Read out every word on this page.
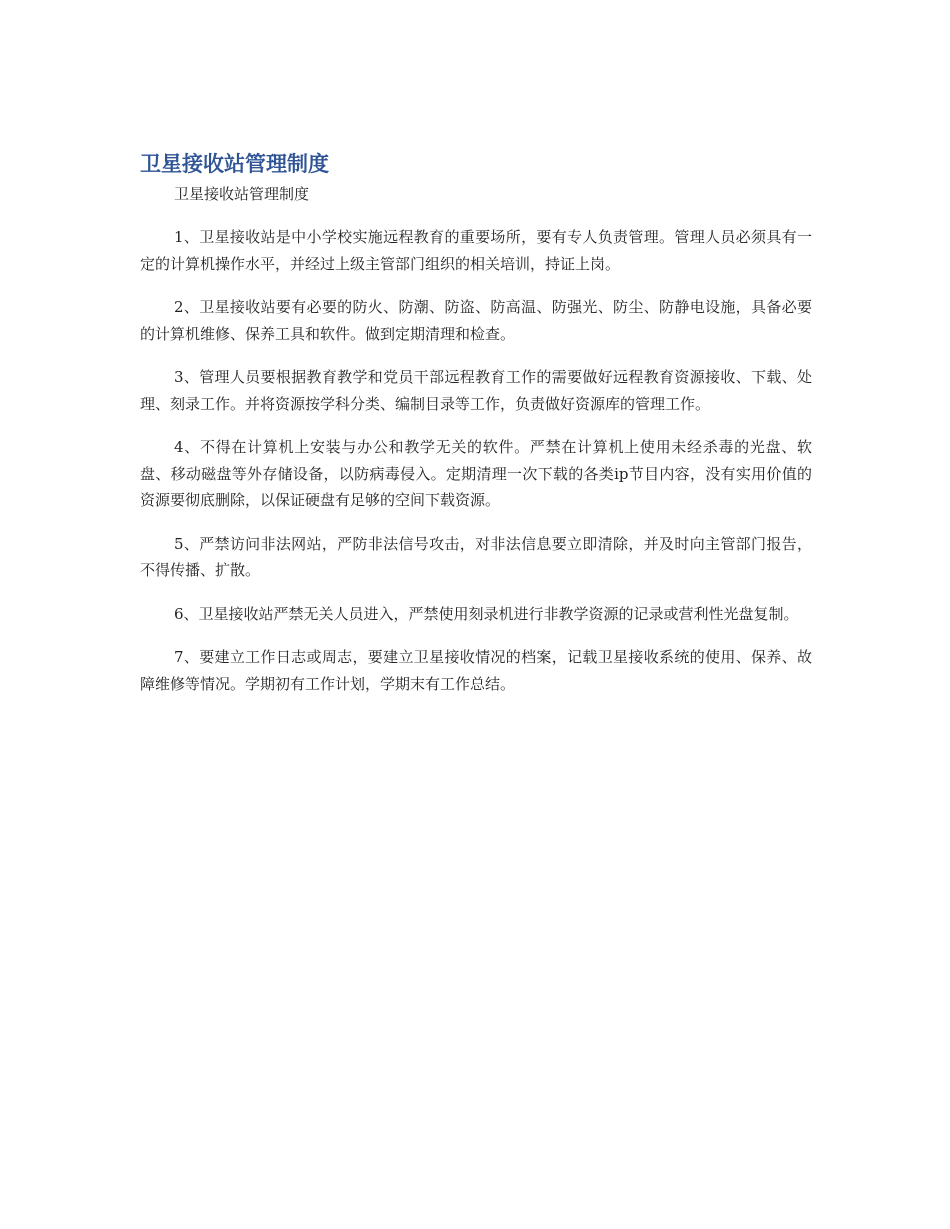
卫星接收站管理制度

卫星接收站管理制度

1、卫星接收站是中小学校实施远程教育的重要场所，要有专人负责管理。管理人员必须具有一定的计算机操作水平，并经过上级主管部门组织的相关培训，持证上岗。

2、卫星接收站要有必要的防火、防潮、防盗、防高温、防强光、防尘、防静电设施，具备必要的计算机维修、保养工具和软件。做到定期清理和检查。

3、管理人员要根据教育教学和党员干部远程教育工作的需要做好远程教育资源接收、下载、处理、刻录工作。并将资源按学科分类、编制目录等工作，负责做好资源库的管理工作。

4、不得在计算机上安装与办公和教学无关的软件。严禁在计算机上使用未经杀毒的光盘、软盘、移动磁盘等外存储设备，以防病毒侵入。定期清理一次下载的各类ip节目内容，没有实用价值的资源要彻底删除，以保证硬盘有足够的空间下载资源。

5、严禁访问非法网站，严防非法信号攻击，对非法信息要立即清除，并及时向主管部门报告，不得传播、扩散。

6、卫星接收站严禁无关人员进入，严禁使用刻录机进行非教学资源的记录或营利性光盘复制。

7、要建立工作日志或周志，要建立卫星接收情况的档案，记载卫星接收系统的使用、保养、故障维修等情况。学期初有工作计划，学期末有工作总结。
